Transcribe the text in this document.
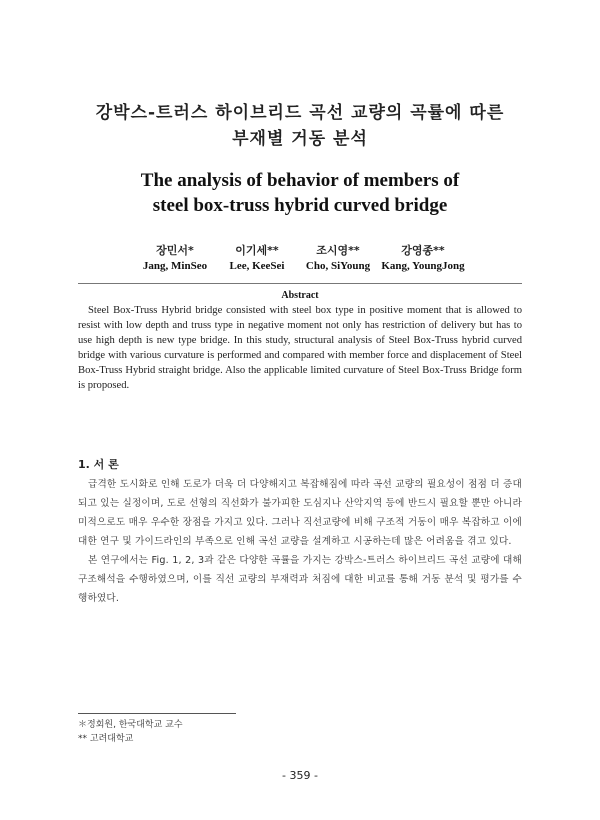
강박스-트러스 하이브리드 곡선 교량의 곡률에 따른
부재별 거동 분석
The analysis of behavior of members of
steel box-truss hybrid curved bridge
장민서*
Jang, MinSeo
이기세**
Lee, KeeSei
조시영**
Cho, SiYoung
강영종**
Kang, YoungJong
Abstract
Steel Box-Truss Hybrid bridge consisted with steel box type in positive moment that is allowed to resist with low depth and truss type in negative moment not only has restriction of delivery but has to use high depth is new type bridge. In this study, structural analysis of Steel Box-Truss hybrid curved bridge with various curvature is performed and compared with member force and displacement of Steel Box-Truss Hybrid straight bridge. Also the applicable limited curvature of Steel Box-Truss Bridge form is proposed.
1. 서 론
급격한 도시화로 인해 도로가 더욱 더 다양해지고 복잡해짐에 따라 곡선 교량의 필요성이 점점 더 증대되고 있는 실정이며, 도로 선형의 직선화가 불가피한 도심지나 산악지역 등에 반드시 필요할 뿐만 아니라 미적으로도 매우 우수한 장점을 가지고 있다. 그러나 직선교량에 비해 구조적 거동이 매우 복잡하고 이에 대한 연구 및 가이드라인의 부족으로 인해 곡선 교량을 설계하고 시공하는데 많은 어려움을 겪고 있다.
본 연구에서는 Fig. 1, 2, 3과 같은 다양한 곡률을 가지는 강박스-트러스 하이브리드 곡선 교량에 대해 구조해석을 수행하였으며, 이를 직선 교량의 부재력과 처짐에 대한 비교를 통해 거동 분석 및 평가를 수행하였다.
＊정회원, 한국대학교 교수
** 고려대학교
- 359 -
